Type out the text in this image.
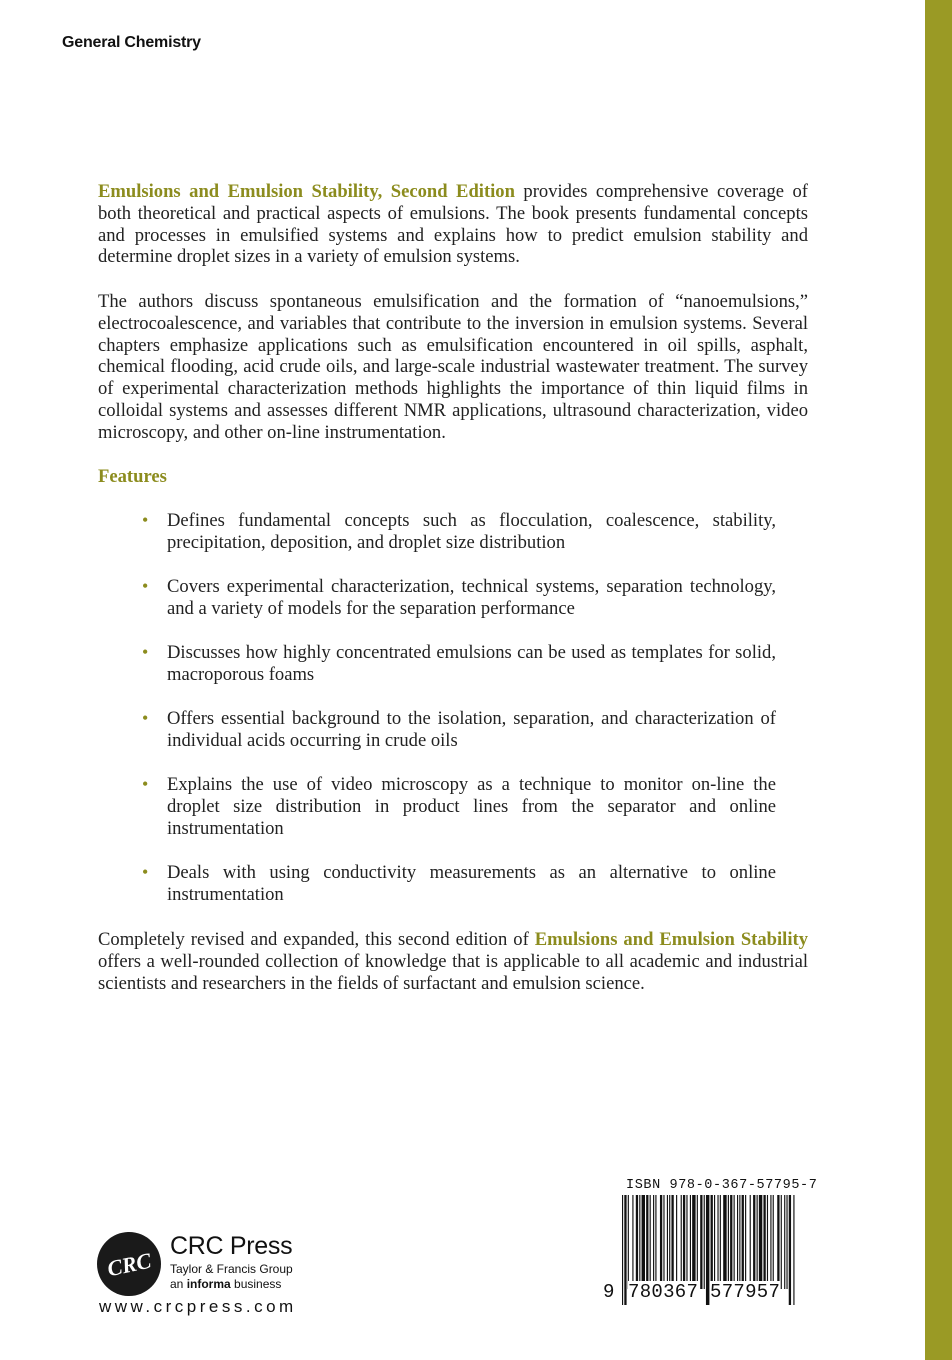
General Chemistry

Emulsions and Emulsion Stability, Second Edition provides comprehensive coverage of both theoretical and practical aspects of emulsions. The book presents fundamental concepts and processes in emulsified systems and explains how to predict emulsion stability and determine droplet sizes in a variety of emulsion systems.

The authors discuss spontaneous emulsification and the formation of “nanoemulsions,” electrocoalescence, and variables that contribute to the inversion in emulsion systems. Several chapters emphasize applications such as emulsification encountered in oil spills, asphalt, chemical flooding, acid crude oils, and large-scale industrial wastewater treatment. The survey of experimental characterization methods highlights the importance of thin liquid films in colloidal systems and assesses different NMR applications, ultrasound characterization, video microscopy, and other on-line instrumentation.

Features
• Defines fundamental concepts such as flocculation, coalescence, stability, precipitation, deposition, and droplet size distribution
• Covers experimental characterization, technical systems, separation technology, and a variety of models for the separation performance
• Discusses how highly concentrated emulsions can be used as templates for solid, macroporous foams
• Offers essential background to the isolation, separation, and characterization of individual acids occurring in crude oils
• Explains the use of video microscopy as a technique to monitor on-line the droplet size distribution in product lines from the separator and online instrumentation
• Deals with using conductivity measurements as an alternative to online instrumentation

Completely revised and expanded, this second edition of Emulsions and Emulsion Stability offers a well-rounded collection of knowledge that is applicable to all academic and industrial scientists and researchers in the fields of surfactant and emulsion science.

CRC
CRC Press
Taylor & Francis Group
an informa business
www.crcpress.com
ISBN 978-0-367-57795-7
9 780367 577957
